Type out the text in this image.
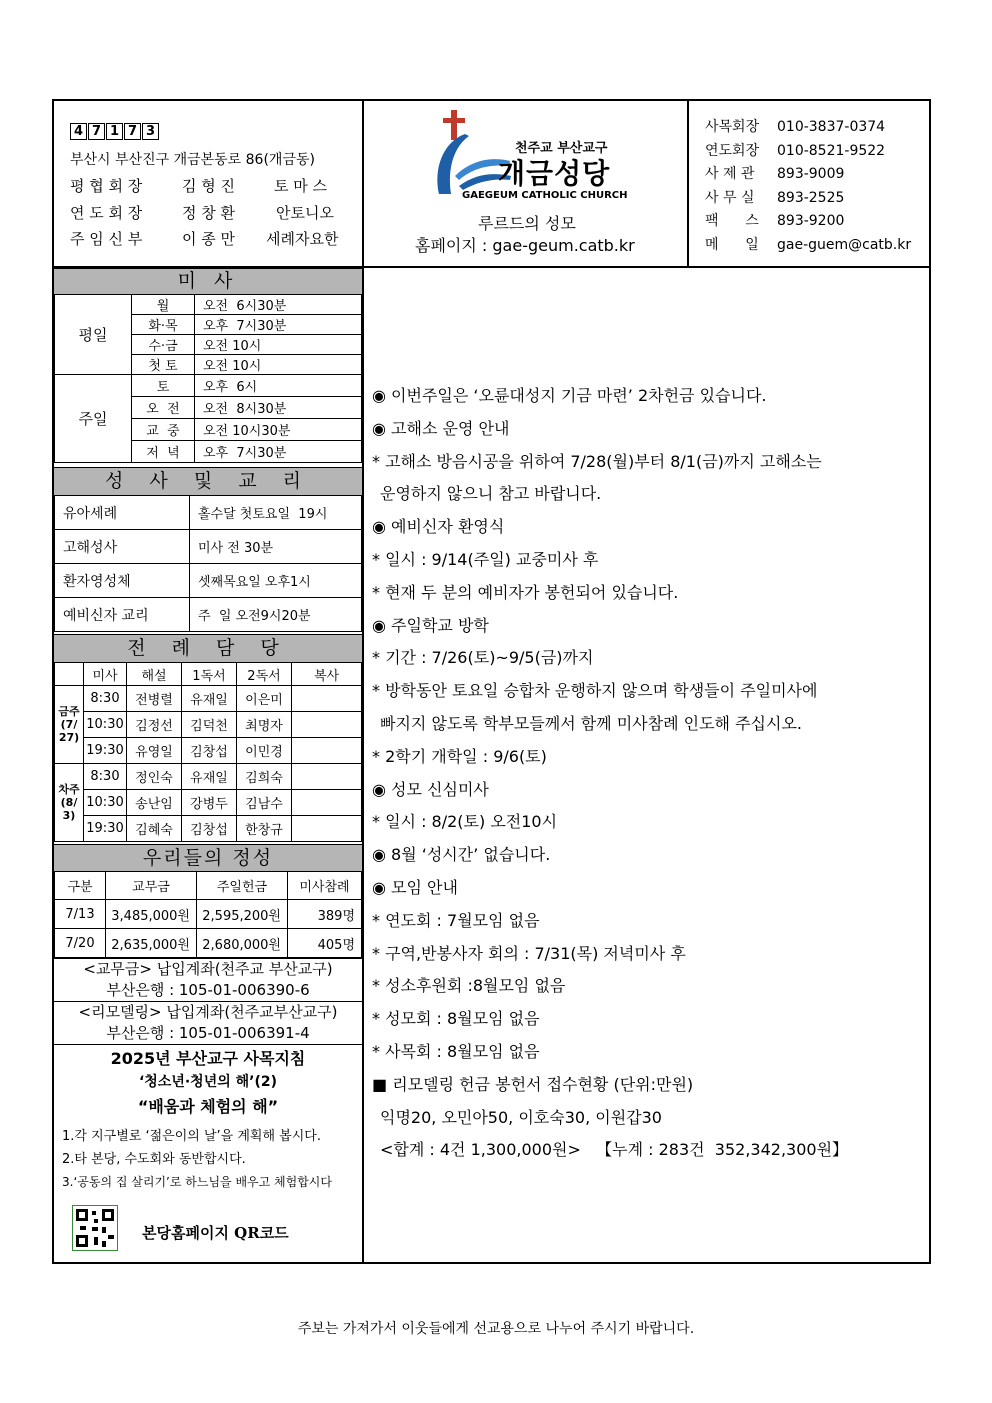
4 7 1 7 3
부산시 부산진구 개금본동로 86(개금동)
평 협 회 장	김 형 진	토 마 스
연 도 회 장	정 창 환	안토니오
주 임 신 부	이 종 만 세례자요한
천주교 부산교구
개금성당
GAEGEUM CATHOLIC CHURCH
루르드의 성모
홈페이지 : gae-geum.catb.kr
사목회장 010-3837-0374
연도회장 010-8521-9522
사 제 관 893-9009
사 무 실 893-2525
팩      스 893-9200
메      일 gae-guem@catb.kr
미 사
평일	월	오전  6시30분
	화·목	오후  7시30분
	수·금	오전 10시
	첫 토	오전 10시
주일	토	오후  6시
	오  전	오전  8시30분
	교  중	오전 10시30분
	저  녁	오후  7시30분
성 사 및 교 리
유아세례	홀수달 첫토요일  19시
고해성사	미사 전 30분
환자영성체	셋째목요일 오후1시
예비신자 교리	주  일 오전9시20분
전 례 담 당
	미사	해설	1독서	2독서	복사
금주(7/27)	8:30	전병렬	유재일	이은미	
	10:30	김정선	김덕천	최명자	
	19:30	유영일	김창섭	이민경	
차주(8/3)	8:30	정인숙	유재일	김희숙	
	10:30	송난임	강병두	김남수	
	19:30	김혜숙	김창섭	한창규	
우리들의 정성
구분	교무금	주일헌금	미사참례
7/13	3,485,000원	2,595,200원	389명
7/20	2,635,000원	2,680,000원	405명
<교무금> 납입계좌(천주교 부산교구)
부산은행 : 105-01-006390-6
<리모델링> 납입계좌(천주교부산교구)
부산은행 : 105-01-006391-4
2025년 부산교구 사목지침
‘청소년·청년의 해’(2)
“배움과 체험의 해”
1.각 지구별로 ‘젊은이의 날’을 계획해 봅시다.
2.타 본당, 수도회와 동반합시다.
3.‘공동의 집 살리기’로 하느님을 배우고 체험합시다
본당홈페이지 QR코드
◉ 이번주일은 ‘오륜대성지 기금 마련’ 2차헌금 있습니다.
◉ 고해소 운영 안내
* 고해소 방음시공을 위하여 7/28(월)부터 8/1(금)까지 고해소는
운영하지 않으니 참고 바랍니다.
◉ 예비신자 환영식
* 일시 : 9/14(주일) 교중미사 후
* 현재 두 분의 예비자가 봉헌되어 있습니다.
◉ 주일학교 방학
* 기간 : 7/26(토)~9/5(금)까지
* 방학동안 토요일 승합차 운행하지 않으며 학생들이 주일미사에
빠지지 않도록 학부모들께서 함께 미사참례 인도해 주십시오.
* 2학기 개학일 : 9/6(토)
◉ 성모 신심미사
* 일시 : 8/2(토) 오전10시
◉ 8월 ‘성시간’ 없습니다.
◉ 모임 안내
* 연도회 : 7월모임 없음
* 구역,반봉사자 회의 : 7/31(목) 저녁미사 후
* 성소후원회 :8월모임 없음
* 성모회 : 8월모임 없음
* 사목회 : 8월모임 없음
■ 리모델링 헌금 봉헌서 접수현황 (단위:만원)
익명20, 오민아50, 이호숙30, 이원갑30
<합계 : 4건 1,300,000원>   【누계 : 283건  352,342,300원】
주보는 가져가서 이웃들에게 선교용으로 나누어 주시기 바랍니다.
